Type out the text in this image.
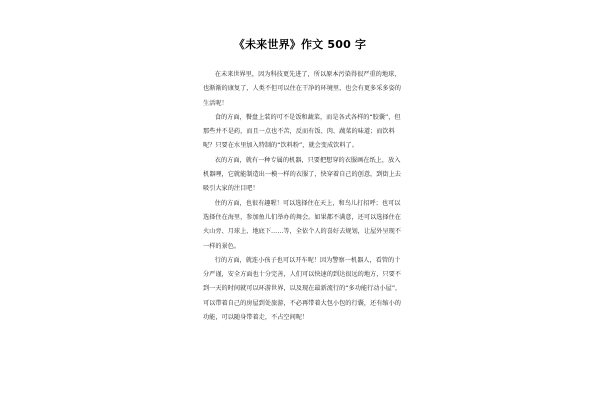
《未来世界》作文 500 字

在未来世界里，因为科技更先进了，所以原本污染得很严重的地球，也渐渐的康复了，人类不但可以住在干净的环境里，也会有更多采多姿的生活呢！

食的方面，餐盘上装的可不是饭和蔬菜，而是各式各样的“胶囊”，但那些并不是药，而且一点也不苦，反而有饭、肉、蔬菜的味道；而饮料呢？只要在水里加入特制的“饮料粉”，就会变成饮料了。

衣的方面，就有一种专属的机器，只要把想穿的衣服画在纸上，放入机器哩，它就能制造出一模一样的衣服了，快穿着自己的创意，到街上去吸引大家的注目吧！

住的方面，也很有趣喔！可以选择住在天上，和鸟儿打招呼；也可以选择住在海里，参加鱼儿们举办的舞会。如果都不满意，还可以选择住在火山旁、月球上、地底下……等，全依个人的喜好去规划，让屋外呈现不一样的景色。

行的方面，就连小孩子也可以开车呢！因为警察一机器人，看管的十分严谨，安全方面也十分完善，人们可以快速的到达很远的地方，只要不到一天的时间就可以环游世界，以及现在最新流行的“多功能行动小屋”，可以带着自己的房屋到处旅游，不必再带着大包小包的行囊，还有缩小的功能，可以随身带着走，不占空间呢！
